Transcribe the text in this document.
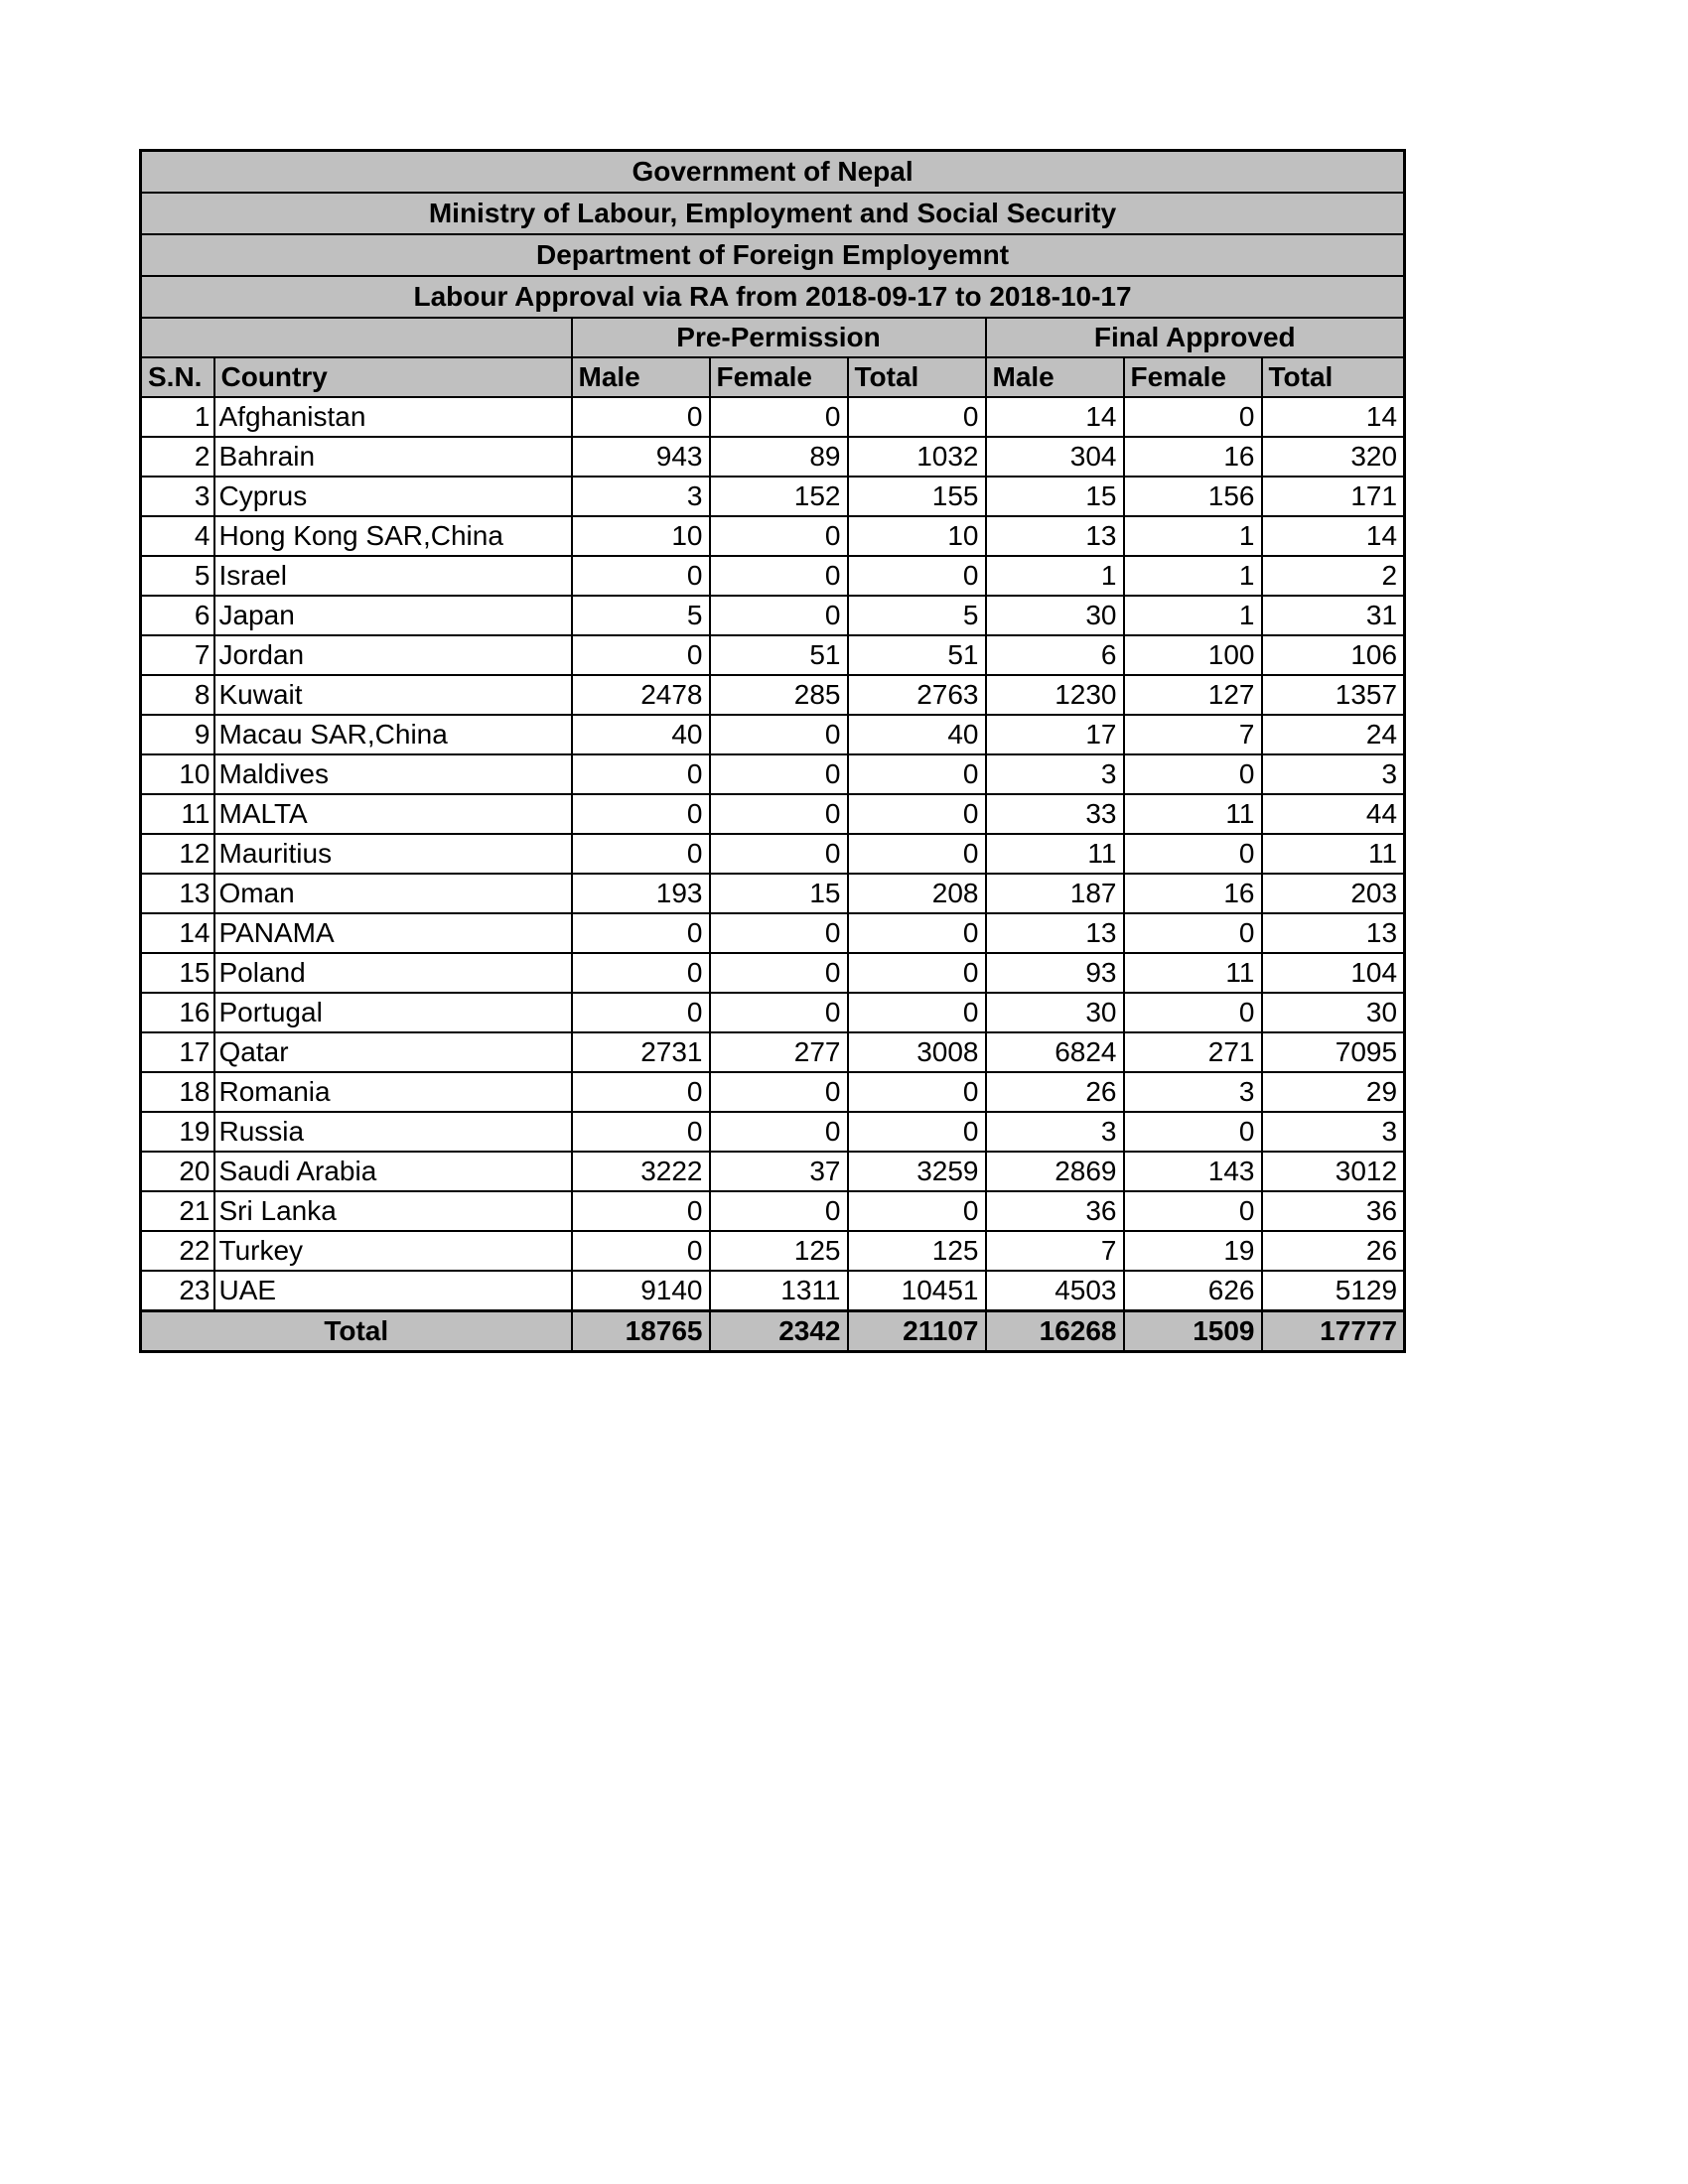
Government of Nepal							
Ministry of Labour, Employment and Social Security							
Department of Foreign Employemnt							
Labour Approval via RA from 2018-09-17 to 2018-10-17							
		Pre-Permission			Final Approved		
S.N.	Country	Male	Female	Total	Male	Female	Total
1	Afghanistan	0	0	0	14	0	14
2	Bahrain	943	89	1032	304	16	320
3	Cyprus	3	152	155	15	156	171
4	Hong Kong SAR,China	10	0	10	13	1	14
5	Israel	0	0	0	1	1	2
6	Japan	5	0	5	30	1	31
7	Jordan	0	51	51	6	100	106
8	Kuwait	2478	285	2763	1230	127	1357
9	Macau SAR,China	40	0	40	17	7	24
10	Maldives	0	0	0	3	0	3
11	MALTA	0	0	0	33	11	44
12	Mauritius	0	0	0	11	0	11
13	Oman	193	15	208	187	16	203
14	PANAMA	0	0	0	13	0	13
15	Poland	0	0	0	93	11	104
16	Portugal	0	0	0	30	0	30
17	Qatar	2731	277	3008	6824	271	7095
18	Romania	0	0	0	26	3	29
19	Russia	0	0	0	3	0	3
20	Saudi Arabia	3222	37	3259	2869	143	3012
21	Sri Lanka	0	0	0	36	0	36
22	Turkey	0	125	125	7	19	26
23	UAE	9140	1311	10451	4503	626	5129
Total		18765	2342	21107	16268	1509	17777
